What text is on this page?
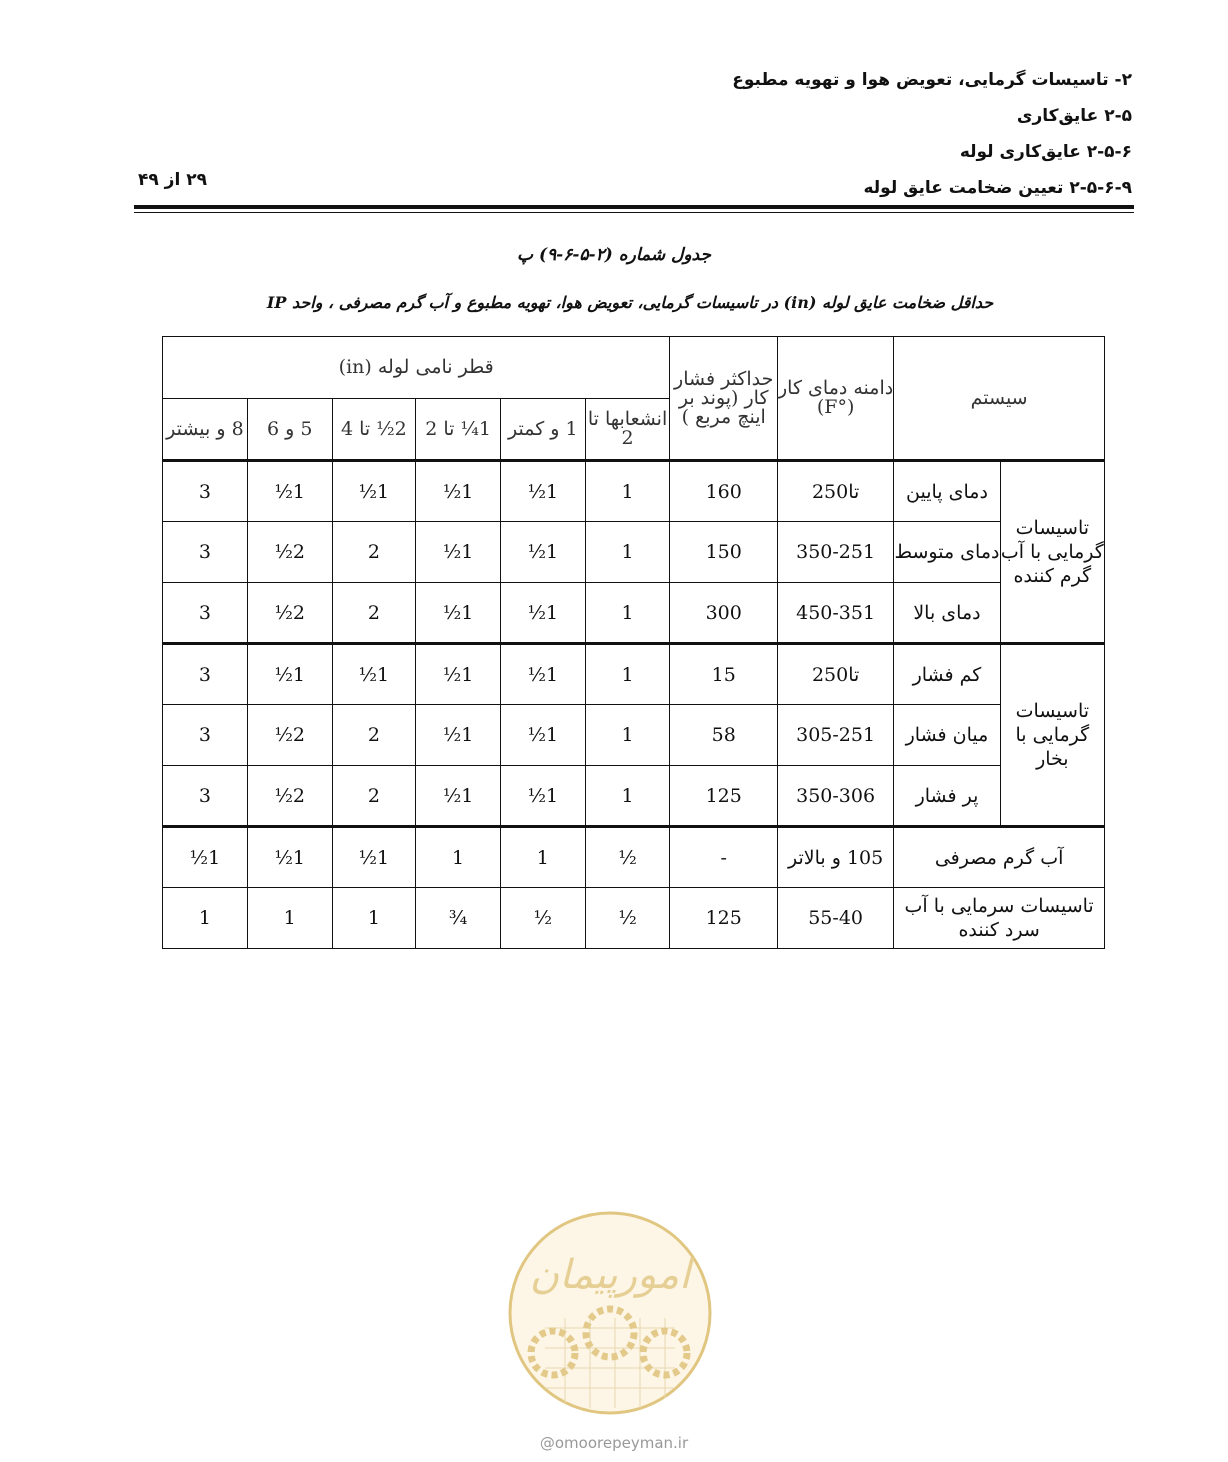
۲- تاسیسات گرمایی، تعویض هوا و تهویه مطبوع
۲-۵ عایق‌کاری
۲-۵-۶ عایق‌کاری لوله
۲-۵-۶-۹ تعیین ضخامت عایق لوله
۲۹ از ۴۹
جدول شماره (۲-۵-۶-۹) پ
حداقل ضخامت عایق لوله (in) در تاسیسات گرمایی، تعویض هوا، تهویه مطبوع و آب گرم مصرفی ، واحد IP
سیستم		دامنه دمای کار (°F)	حداکثر فشار کار (پوند بر اینچ مربع )	قطر نامی لوله (in)					
				انشعابها تا 2	1 و کمتر	1¼ تا 2	2½ تا 4	5 و 6	8 و بیشتر
تاسیسات گرمایی با آب گرم کننده	دمای پایین	تا250	160	1	1½	1½	1½	1½	3
	دمای متوسط	350-251	150	1	1½	1½	2	2½	3
	دمای بالا	450-351	300	1	1½	1½	2	2½	3
تاسیسات گرمایی با بخار	کم فشار	تا250	15	1	1½	1½	1½	1½	3
	میان فشار	305-251	58	1	1½	1½	2	2½	3
	پر فشار	350-306	125	1	1½	1½	2	2½	3
آب گرم مصرفی		105 و بالاتر	-	½	1	1	1½	1½	1½
تاسیسات سرمایی با آب سرد کننده		55-40	125	½	½	¾	1	1	1
امورپیمان
@omoorepeyman.ir
